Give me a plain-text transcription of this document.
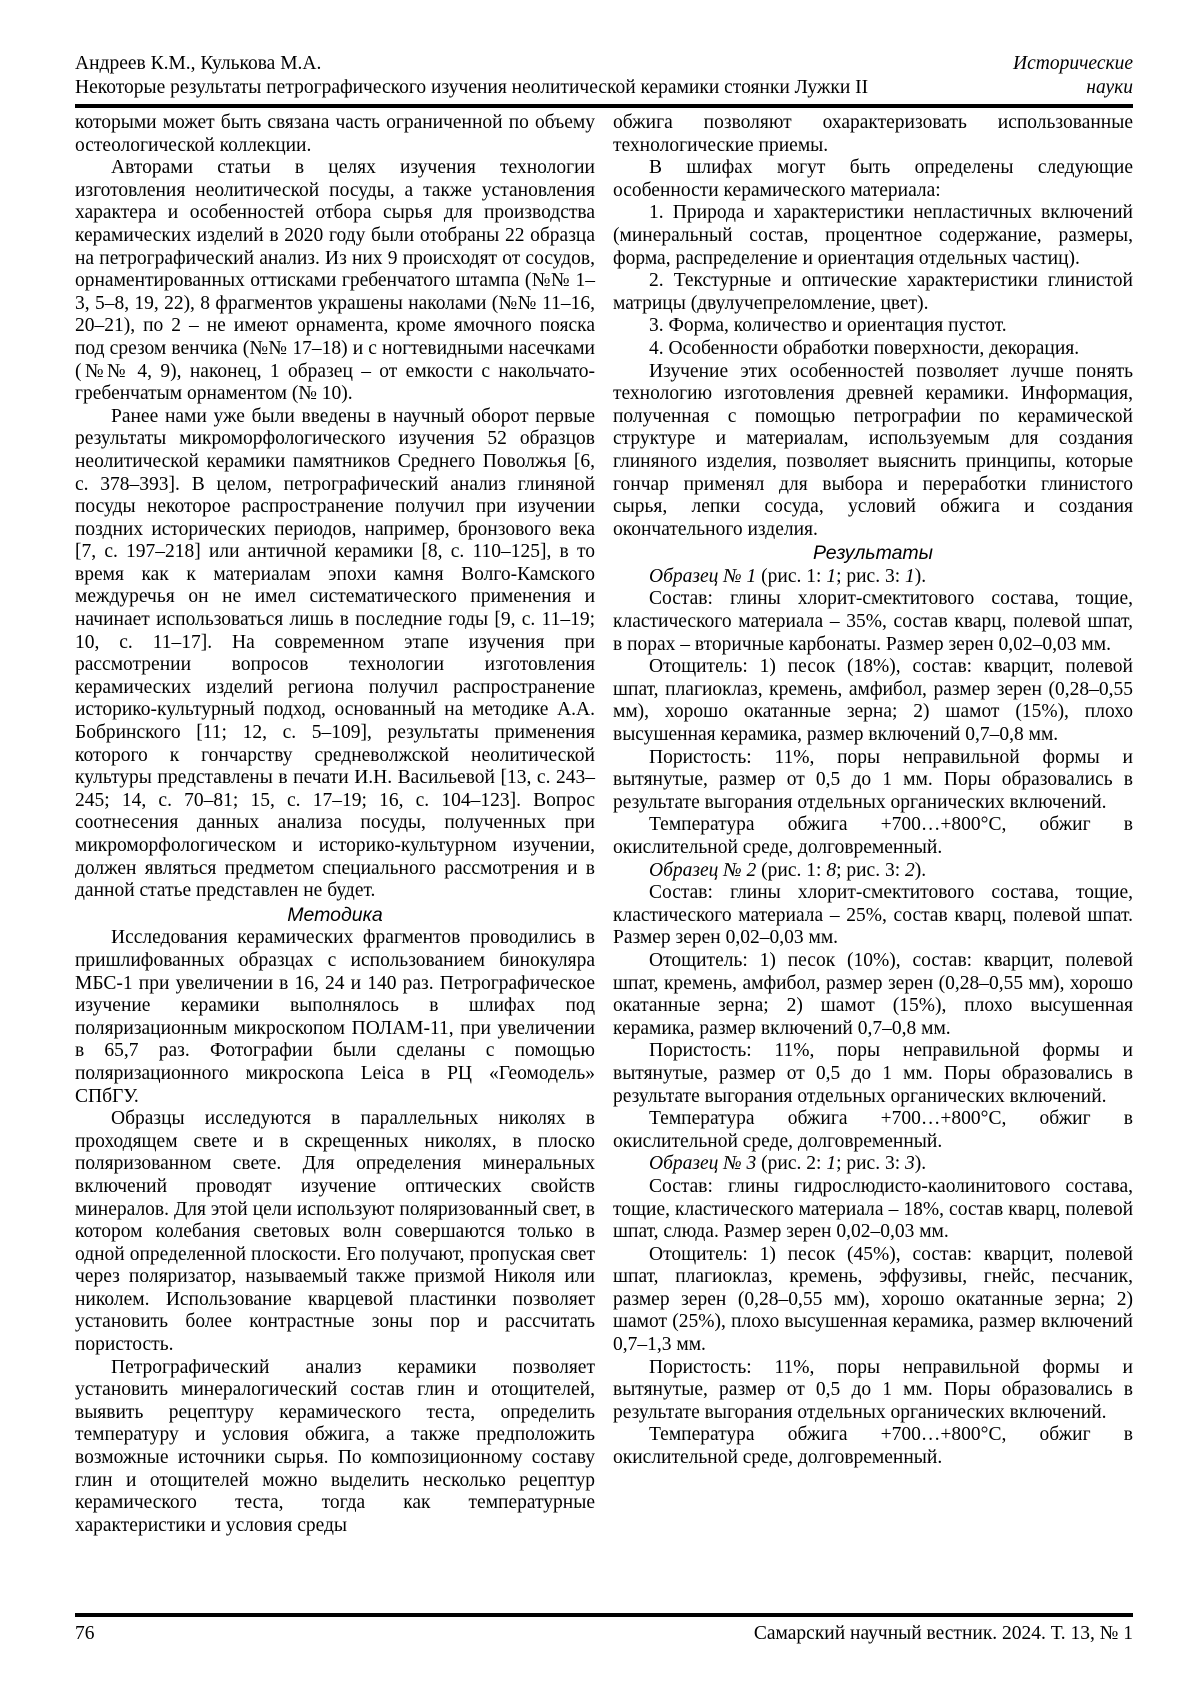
Андреев К.М., Кулькова М.А.	Исторические
Некоторые результаты петрографического изучения неолитической керамики стоянки Лужки II	науки

которыми может быть связана часть ограниченной по объему остеологической коллекции.

Авторами статьи в целях изучения технологии изготовления неолитической посуды, а также установления характера и особенностей отбора сырья для производства керамических изделий в 2020 году были отобраны 22 образца на петрографический анализ. Из них 9 происходят от сосудов, орнаментированных оттисками гребенчатого штампа (№№ 1–3, 5–8, 19, 22), 8 фрагментов украшены наколами (№№ 11–16, 20–21), по 2 – не имеют орнамента, кроме ямочного пояска под срезом венчика (№№ 17–18) и с ногтевидными насечками (№№ 4, 9), наконец, 1 образец – от емкости с накольчато-гребенчатым орнаментом (№ 10).

Ранее нами уже были введены в научный оборот первые результаты микроморфологического изучения 52 образцов неолитической керамики памятников Среднего Поволжья [6, с. 378–393]. В целом, петрографический анализ глиняной посуды некоторое распространение получил при изучении поздних исторических периодов, например, бронзового века [7, с. 197–218] или античной керамики [8, с. 110–125], в то время как к материалам эпохи камня Волго-Камского междуречья он не имел систематического применения и начинает использоваться лишь в последние годы [9, с. 11–19; 10, с. 11–17]. На современном этапе изучения при рассмотрении вопросов технологии изготовления керамических изделий региона получил распространение историко-культурный подход, основанный на методике А.А. Бобринского [11; 12, с. 5–109], результаты применения которого к гончарству средневолжской неолитической культуры представлены в печати И.Н. Васильевой [13, с. 243–245; 14, с. 70–81; 15, с. 17–19; 16, с. 104–123]. Вопрос соотнесения данных анализа посуды, полученных при микроморфологическом и историко-культурном изучении, должен являться предметом специального рассмотрения и в данной статье представлен не будет.

Методика

Исследования керамических фрагментов проводились в пришлифованных образцах с использованием бинокуляра МБС-1 при увеличении в 16, 24 и 140 раз. Петрографическое изучение керамики выполнялось в шлифах под поляризационным микроскопом ПОЛАМ-11, при увеличении в 65,7 раз. Фотографии были сделаны с помощью поляризационного микроскопа Leica в РЦ «Геомодель» СПбГУ.

Образцы исследуются в параллельных николях в проходящем свете и в скрещенных николях, в плоско поляризованном свете. Для определения минеральных включений проводят изучение оптических свойств минералов. Для этой цели используют поляризованный свет, в котором колебания световых волн совершаются только в одной определенной плоскости. Его получают, пропуская свет через поляризатор, называемый также призмой Николя или николем. Использование кварцевой пластинки позволяет установить более контрастные зоны пор и рассчитать пористость.

Петрографический анализ керамики позволяет установить минералогический состав глин и отощителей, выявить рецептуру керамического теста, определить температуру и условия обжига, а также предположить возможные источники сырья. По композиционному составу глин и отощителей можно выделить несколько рецептур керамического теста, тогда как температурные характеристики и условия среды

обжига позволяют охарактеризовать использованные технологические приемы.

В шлифах могут быть определены следующие особенности керамического материала:

1. Природа и характеристики непластичных включений (минеральный состав, процентное содержание, размеры, форма, распределение и ориентация отдельных частиц).

2. Текстурные и оптические характеристики глинистой матрицы (двулучепреломление, цвет).

3. Форма, количество и ориентация пустот.

4. Особенности обработки поверхности, декорация.

Изучение этих особенностей позволяет лучше понять технологию изготовления древней керамики. Информация, полученная с помощью петрографии по керамической структуре и материалам, используемым для создания глиняного изделия, позволяет выяснить принципы, которые гончар применял для выбора и переработки глинистого сырья, лепки сосуда, условий обжига и создания окончательного изделия.

Результаты

Образец № 1 (рис. 1: 1; рис. 3: 1).

Состав: глины хлорит-смектитового состава, тощие, кластического материала – 35%, состав кварц, полевой шпат, в порах – вторичные карбонаты. Размер зерен 0,02–0,03 мм.

Отощитель: 1) песок (18%), состав: кварцит, полевой шпат, плагиоклаз, кремень, амфибол, размер зерен (0,28–0,55 мм), хорошо окатанные зерна; 2) шамот (15%), плохо высушенная керамика, размер включений 0,7–0,8 мм.

Пористость: 11%, поры неправильной формы и вытянутые, размер от 0,5 до 1 мм. Поры образовались в результате выгорания отдельных органических включений.

Температура обжига +700…+800°С, обжиг в окислительной среде, долговременный.

Образец № 2 (рис. 1: 8; рис. 3: 2).

Состав: глины хлорит-смектитового состава, тощие, кластического материала – 25%, состав кварц, полевой шпат. Размер зерен 0,02–0,03 мм.

Отощитель: 1) песок (10%), состав: кварцит, полевой шпат, кремень, амфибол, размер зерен (0,28–0,55 мм), хорошо окатанные зерна; 2) шамот (15%), плохо высушенная керамика, размер включений 0,7–0,8 мм.

Пористость: 11%, поры неправильной формы и вытянутые, размер от 0,5 до 1 мм. Поры образовались в результате выгорания отдельных органических включений.

Температура обжига +700…+800°С, обжиг в окислительной среде, долговременный.

Образец № 3 (рис. 2: 1; рис. 3: 3).

Состав: глины гидрослюдисто-каолинитового состава, тощие, кластического материала – 18%, состав кварц, полевой шпат, слюда. Размер зерен 0,02–0,03 мм.

Отощитель: 1) песок (45%), состав: кварцит, полевой шпат, плагиоклаз, кремень, эффузивы, гнейс, песчаник, размер зерен (0,28–0,55 мм), хорошо окатанные зерна; 2) шамот (25%), плохо высушенная керамика, размер включений 0,7–1,3 мм.

Пористость: 11%, поры неправильной формы и вытянутые, размер от 0,5 до 1 мм. Поры образовались в результате выгорания отдельных органических включений.

Температура обжига +700…+800°С, обжиг в окислительной среде, долговременный.

76	Самарский научный вестник. 2024. Т. 13, № 1
